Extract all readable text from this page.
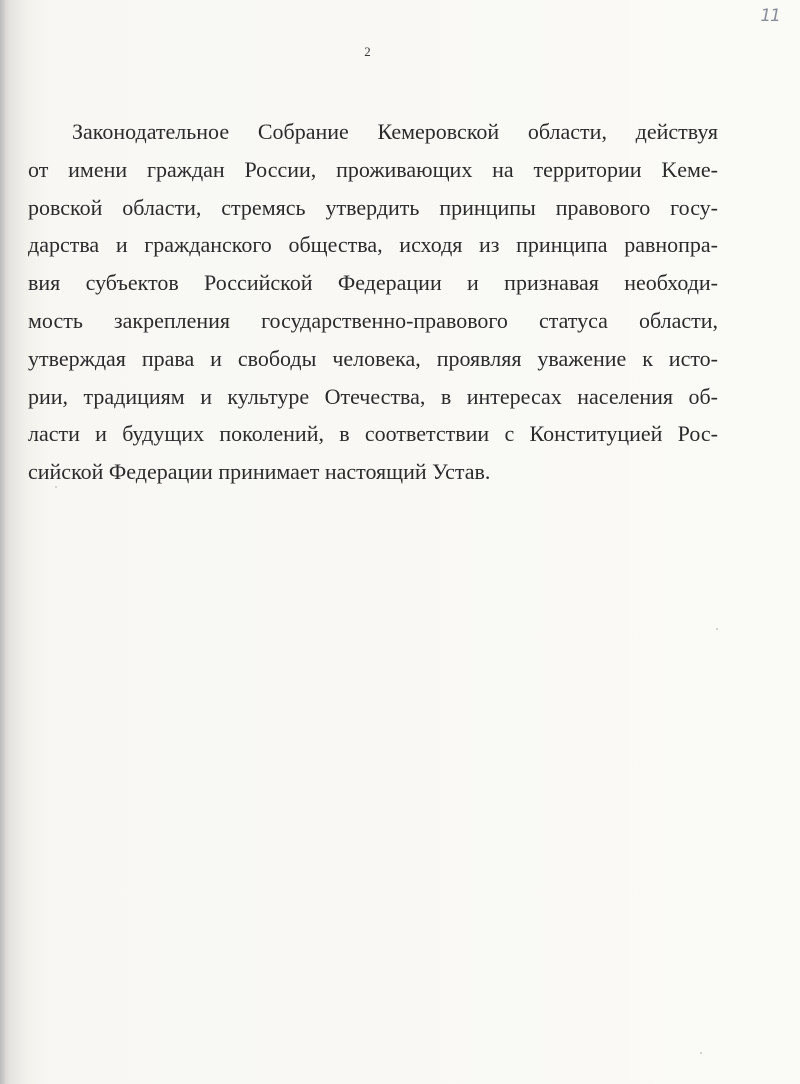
11
2
Законодательное Собрание Кемеровской области, действуя
от имени граждан России, проживающих на территории Keме-
ровской области, стремясь утвердить принципы правового госу-
дарства и гражданского общества, исходя из принципа равнопра-
вия субъектов Российской Федерации и признавая необходи-
мость закрепления государственно-правового статуса области,
утверждая права и свободы человека, проявляя уважение к исто-
рии, традициям и культуре Отечества, в интересах населения об-
ласти и будущих поколений, в соответствии с Конституцией Рос-
сийской Федерации принимает настоящий Устав.
